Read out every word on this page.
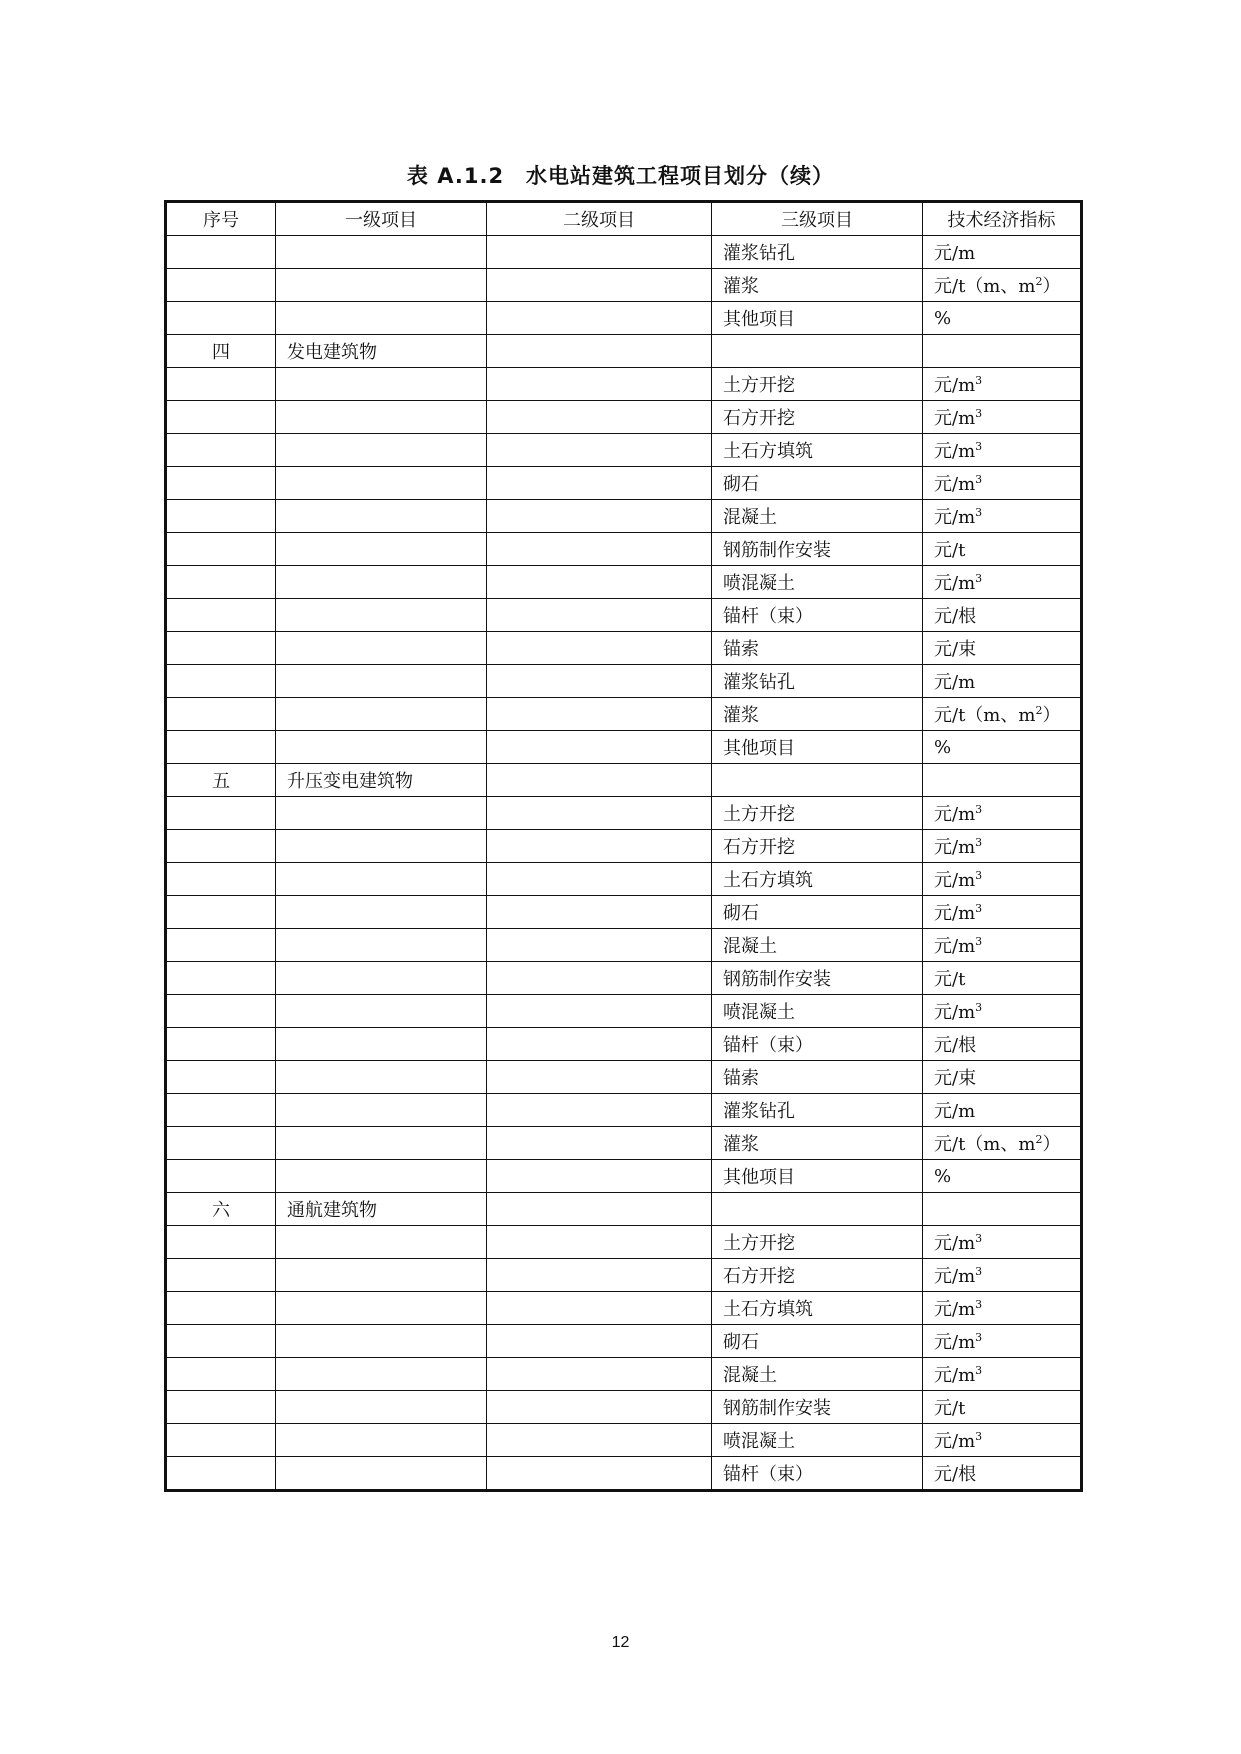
表 A.1.2　水电站建筑工程项目划分（续）
序号	一级项目	二级项目	三级项目	技术经济指标
			灌浆钻孔	元/m
			灌浆	元/t（m、$m^2$）
			其他项目	%
四	发电建筑物			
			土方开挖	元$/m^3$
			石方开挖	元$/m^3$
			土石方填筑	元$/m^3$
			砌石	元$/m^3$
			混凝土	元$/m^3$
			钢筋制作安装	元/t
			喷混凝土	元$/m^3$
			锚杆（束）	元/根
			锚索	元/束
			灌浆钻孔	元/m
			灌浆	元/t（m、$m^2$）
			其他项目	%
五	升压变电建筑物			
			土方开挖	元$/m^3$
			石方开挖	元$/m^3$
			土石方填筑	元$/m^3$
			砌石	元$/m^3$
			混凝土	元$/m^3$
			钢筋制作安装	元/t
			喷混凝土	元$/m^3$
			锚杆（束）	元/根
			锚索	元/束
			灌浆钻孔	元/m
			灌浆	元/t（m、$m^2$）
			其他项目	%
六	通航建筑物			
			土方开挖	元$/m^3$
			石方开挖	元$/m^3$
			土石方填筑	元$/m^3$
			砌石	元$/m^3$
			混凝土	元$/m^3$
			钢筋制作安装	元/t
			喷混凝土	元$/m^3$
			锚杆（束）	元/根
12
